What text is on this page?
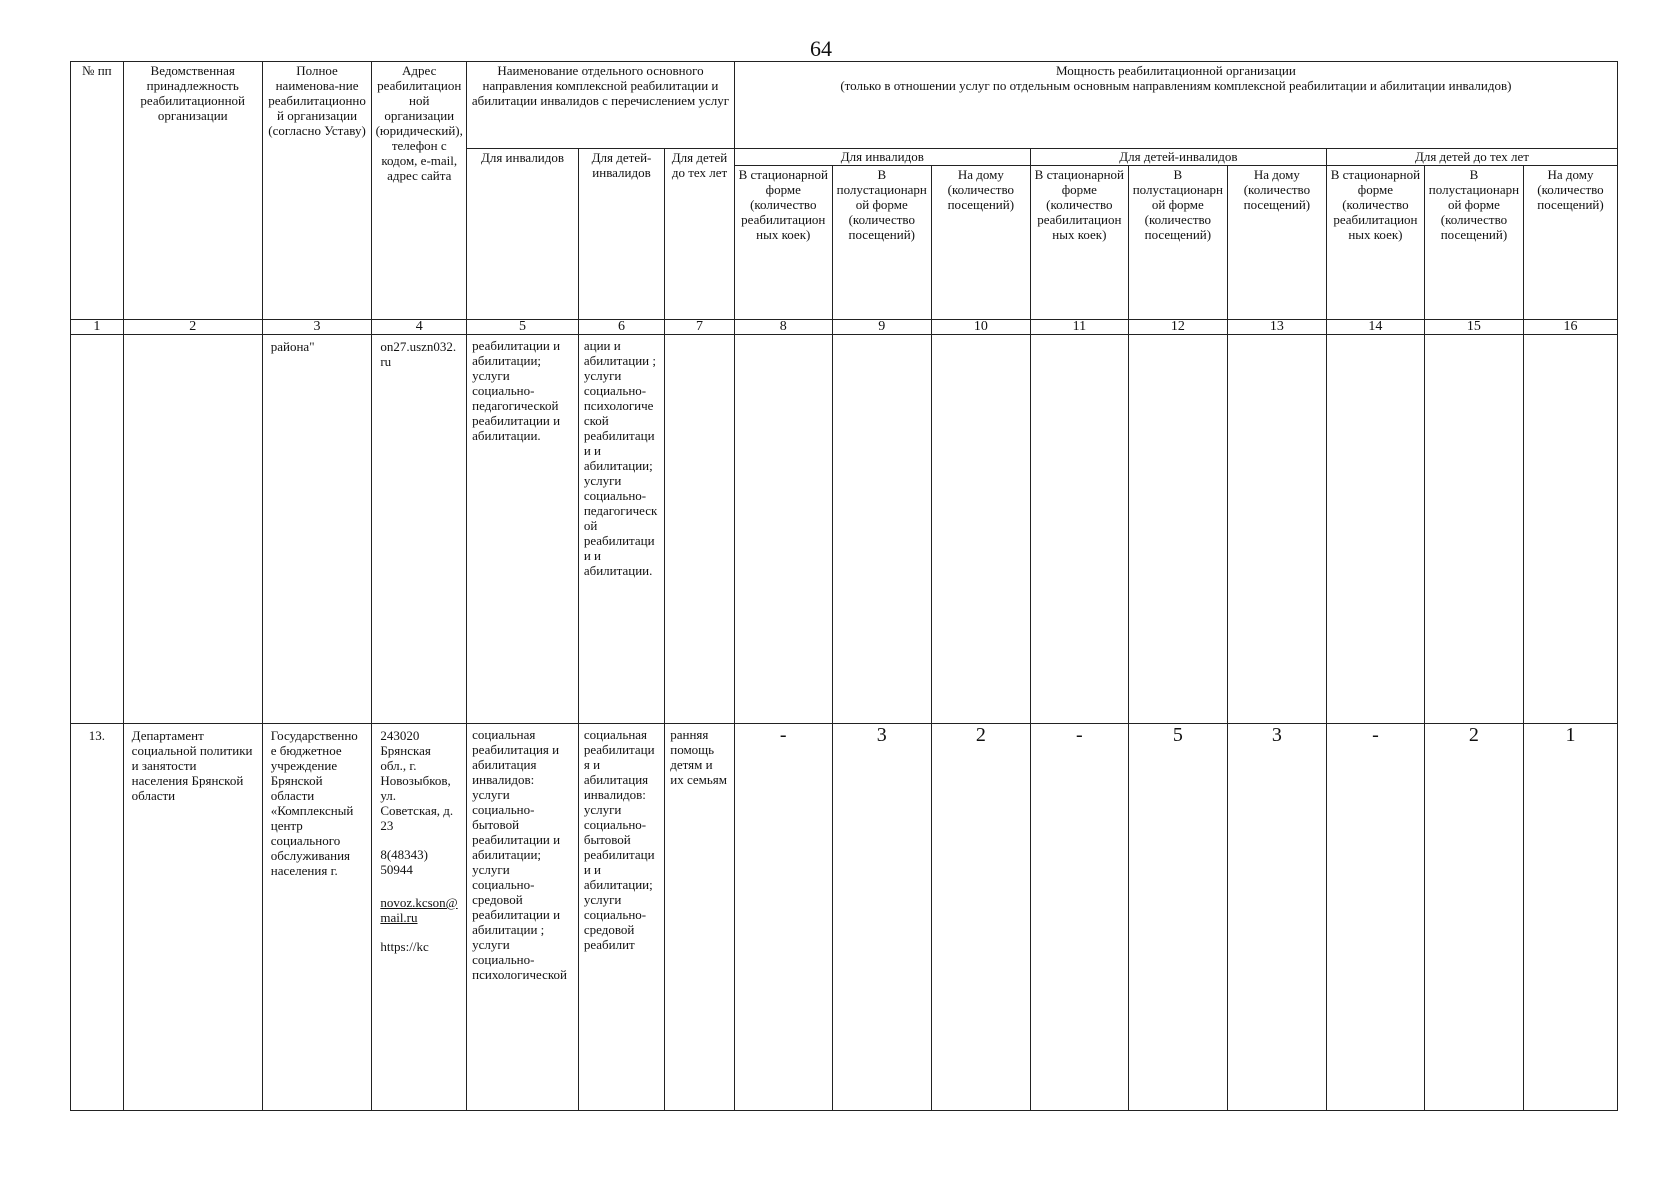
64
№ пп	Ведомственная принадлежность реабилитационной организации	Полное наименова-ние реабилитационной организации (согласно Уставу)	Адрес реабилитационной организации (юридический), телефон с кодом, e-mail, адрес сайта	Наименование отдельного основного направления комплексной реабилитации и абилитации инвалидов с перечислением услуг			Мощность реабилитационной организации
(только в отношении услуг по отдельным основным направлениям комплексной реабилитации и абилитации инвалидов)								

				Для инвалидов	Для детей-инвалидов	Для детей до тех лет	Для инвалидов			Для детей-инвалидов			Для детей до тех лет		
							В стационарной форме (количество реабилитационных коек)	В полустационарной форме (количество посещений)	На дому (количество посещений)	В стационарной форме (количество реабилитационных коек)	В полустационарной форме (количество посещений)	На дому (количество посещений)	В стационарной форме (количество реабилитационных коек)	В полустационарной форме (количество посещений)	На дому (количество посещений)
1	2	3	4	5	6	7	8	9	10	11	12	13	14	15	16
		района"	on27.uszn032.ru	реабилитации и абилитации; услуги социально-педагогической реабилитации и абилитации.	ации и абилитации ; услуги социально-психологической реабилитации и абилитации; услуги социально-педагогической реабилитации и абилитации.										
13.	Департамент социальной политики и занятости населения Брянской области	Государственное бюджетное учреждение Брянской области «Комплексный центр социального обслуживания населения г.	243020 Брянская обл., г. Новозыбков, ул. Советская, д. 23
8(48343) 50944
novoz.kcson@mail.ru
https://kc	социальная реабилитация и абилитация инвалидов: услуги социально-бытовой реабилитации и абилитации; услуги социально-средовой реабилитации и абилитации ; услуги социально-психологической	социальная реабилитация и абилитация инвалидов: услуги социально-бытовой реабилитации и абилитации; услуги социально-средовой реабилит	ранняя помощь детям и их семьям	-	3	2	-	5	3	-	2	1
